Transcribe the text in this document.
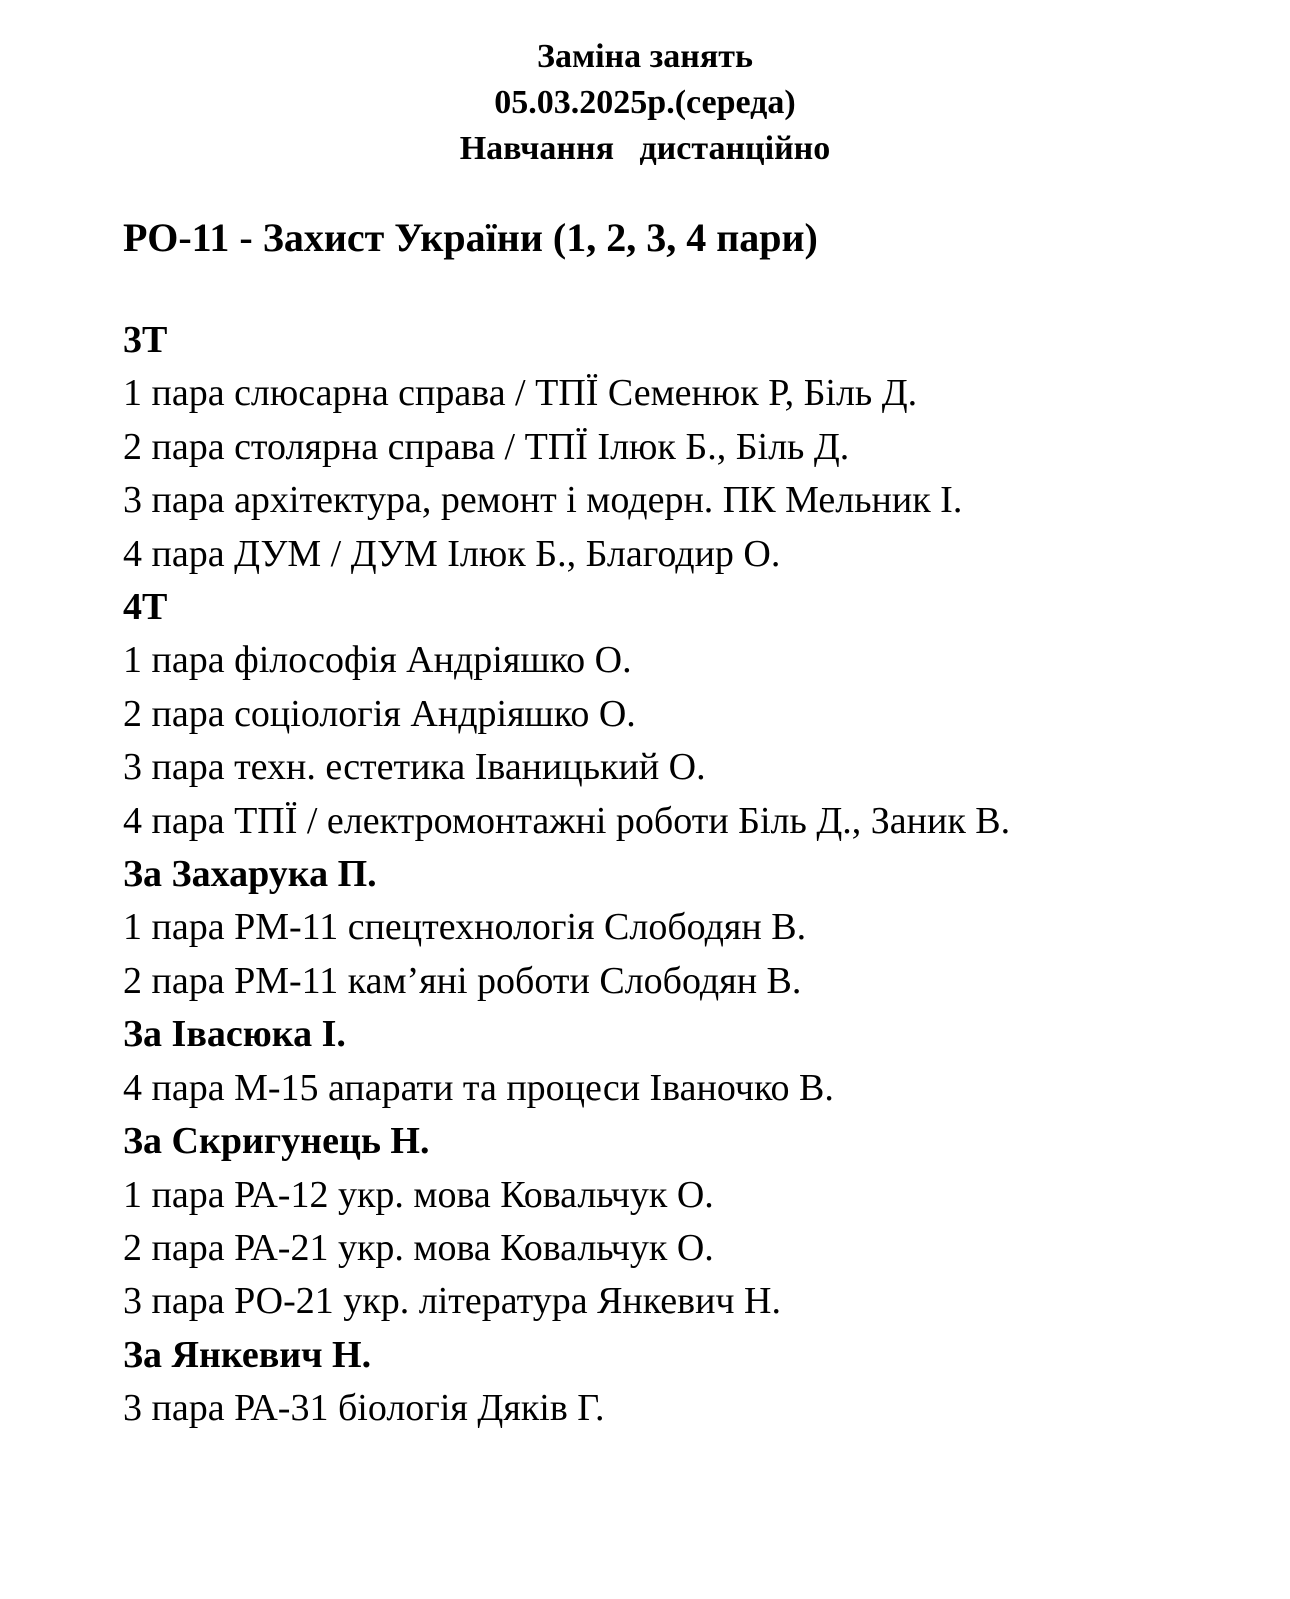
Заміна занять
05.03.2025р.(середа)
Навчання   дистанційно
РО-11 - Захист України (1, 2, 3, 4 пари)
3Т
1 пара слюсарна справа / ТПЇ Семенюк Р, Біль Д.
2 пара столярна справа / ТПЇ Ілюк Б., Біль Д.
3 пара архітектура, ремонт і модерн. ПК Мельник І.
4 пара ДУМ / ДУМ Ілюк Б., Благодир О.
4Т
1 пара філософія Андріяшко О.
2 пара соціологія Андріяшко О.
3 пара техн. естетика Іваницький О.
4 пара ТПЇ / електромонтажні роботи Біль Д., Заник В.
За Захарука П.
1 пара РМ-11 спецтехнологія Слободян В.
2 пара РМ-11 кам’яні роботи Слободян В.
За Івасюка І.
4 пара М-15 апарати та процеси Іваночко В.
За Скригунець Н.
1 пара РА-12 укр. мова Ковальчук О.
2 пара РА-21 укр. мова Ковальчук О.
3 пара РО-21 укр. література Янкевич Н.
За Янкевич Н.
3 пара РА-31 біологія Дяків Г.
